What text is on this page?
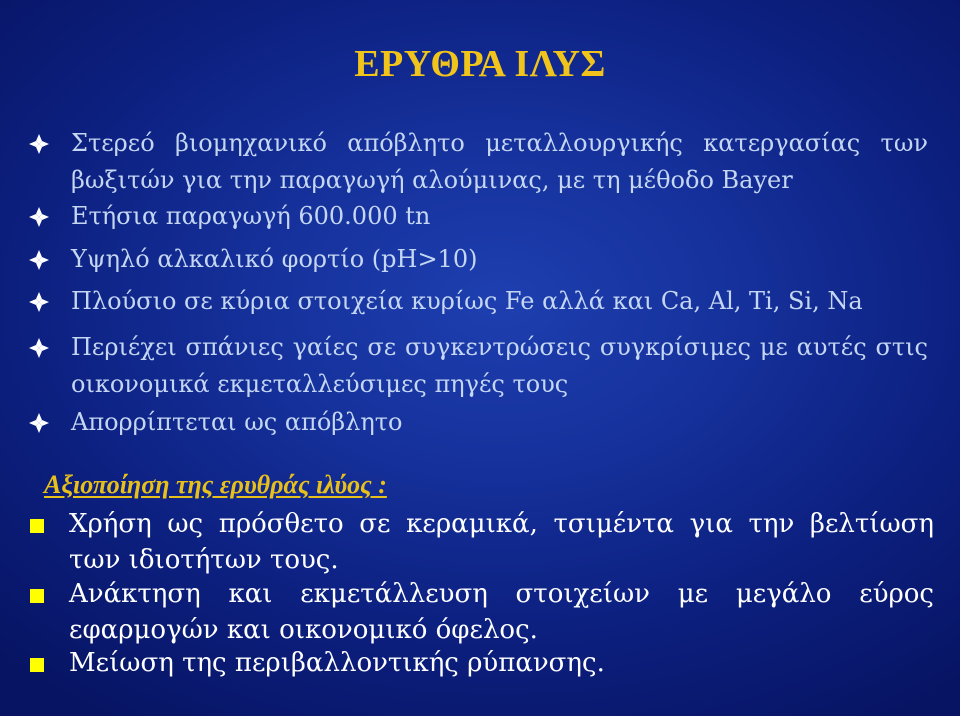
ΕΡΥΘΡΑ ΙΛΥΣ
Στερεό βιομηχανικό απόβλητο μεταλλουργικής κατεργασίας των βωξιτών για την παραγωγή αλούμινας, με τη μέθοδο Bayer
Ετήσια παραγωγή 600.000 tn
Υψηλό αλκαλικό φορτίο (pH>10)
Πλούσιο σε κύρια στοιχεία κυρίως Fe αλλά και Ca, Al, Ti, Si, Na
Περιέχει σπάνιες γαίες σε συγκεντρώσεις συγκρίσιμες με αυτές στις οικονομικά εκμεταλλεύσιμες πηγές τους
Απορρίπτεται ως απόβλητο
Αξιοποίηση της ερυθράς ιλύος :
Χρήση ως πρόσθετο σε κεραμικά, τσιμέντα για την βελτίωση των ιδιοτήτων τους.
Ανάκτηση και εκμετάλλευση στοιχείων με μεγάλο εύρος εφαρμογών και οικονομικό όφελος.
Μείωση της περιβαλλοντικής ρύπανσης.
